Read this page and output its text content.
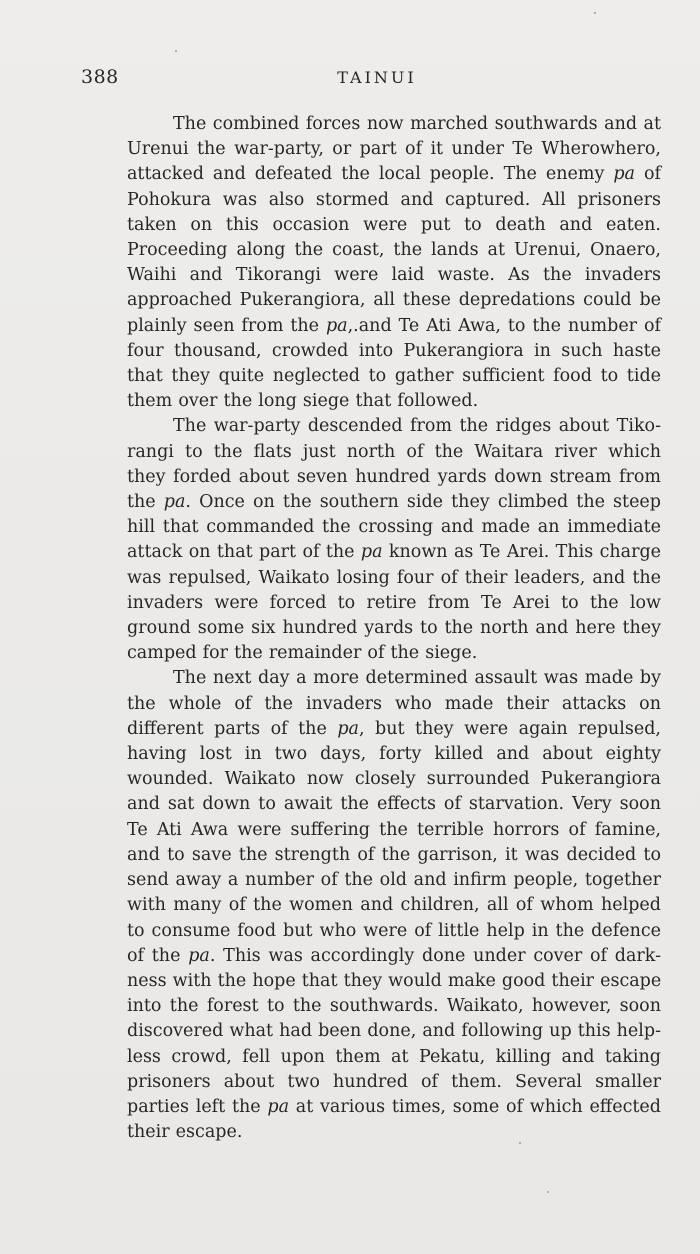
388	TAINUI

The combined forces now marched southwards and at
Urenui the war-party, or part of it under Te Wherowhero,
attacked and defeated the local people. The enemy pa of
Pohokura was also stormed and captured. All prisoners
taken on this occasion were put to death and eaten.
Proceeding along the coast, the lands at Urenui, Onaero,
Waihi and Tikorangi were laid waste. As the invaders
approached Pukerangiora, all these depredations could be
plainly seen from the pa,.and Te Ati Awa, to the number of
four thousand, crowded into Pukerangiora in such haste
that they quite neglected to gather sufficient food to tide
them over the long siege that followed.

The war-party descended from the ridges about Tiko-
rangi to the flats just north of the Waitara river which
they forded about seven hundred yards down stream from
the pa. Once on the southern side they climbed the steep
hill that commanded the crossing and made an immediate
attack on that part of the pa known as Te Arei. This charge
was repulsed, Waikato losing four of their leaders, and the
invaders were forced to retire from Te Arei to the low
ground some six hundred yards to the north and here they
camped for the remainder of the siege.

The next day a more determined assault was made by
the whole of the invaders who made their attacks on
different parts of the pa, but they were again repulsed,
having lost in two days, forty killed and about eighty
wounded. Waikato now closely surrounded Pukerangiora
and sat down to await the effects of starvation. Very soon
Te Ati Awa were suffering the terrible horrors of famine,
and to save the strength of the garrison, it was decided to
send away a number of the old and infirm people, together
with many of the women and children, all of whom helped
to consume food but who were of little help in the defence
of the pa. This was accordingly done under cover of dark-
ness with the hope that they would make good their escape
into the forest to the southwards. Waikato, however, soon
discovered what had been done, and following up this help-
less crowd, fell upon them at Pekatu, killing and taking
prisoners about two hundred of them. Several smaller
parties left the pa at various times, some of which effected
their escape.
